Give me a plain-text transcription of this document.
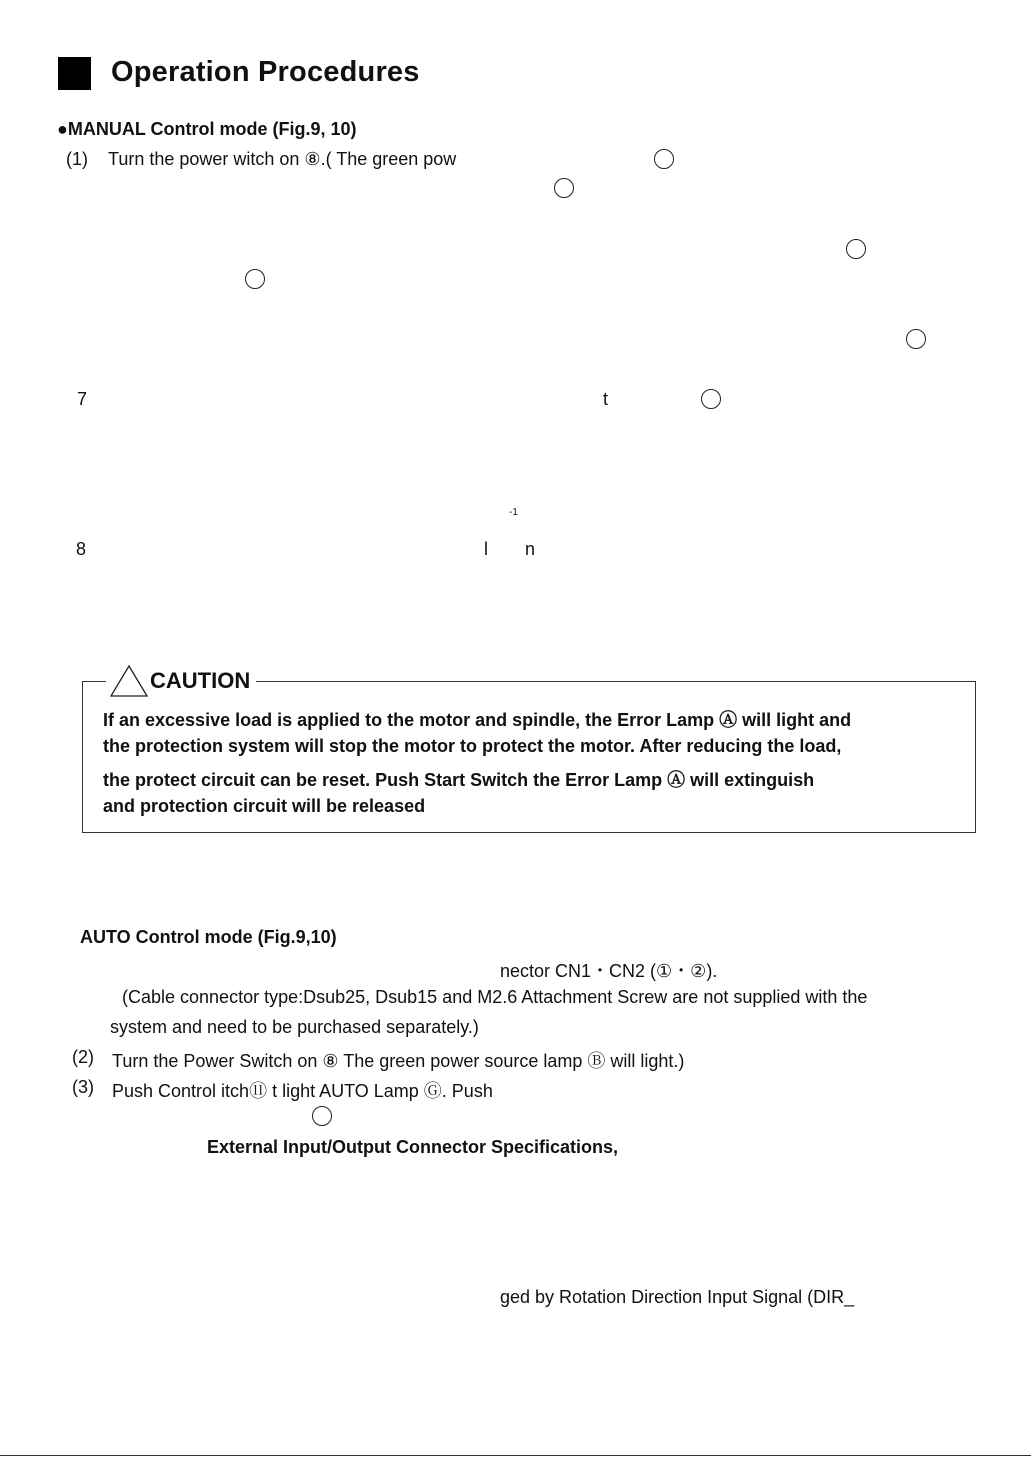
Operation Procedures
●MANUAL Control mode (Fig.9, 10)
(1) Turn the power witch on ⑧.( The green pow
7	t
-1
8	l n
CAUTION
If an excessive load is applied to the motor and spindle, the Error Lamp Ⓐ will light and
the protection system will stop the motor to protect the motor. After reducing the load,
the protect circuit can be reset. Push Start Switch the Error Lamp Ⓐ will extinguish
and protection circuit will be released
AUTO Control mode (Fig.9,10)
nector CN1・CN2 (①・②).
(Cable connector type:Dsub25, Dsub15 and M2.6 Attachment Screw are not supplied with the
system and need to be purchased separately.)
(2) Turn the Power Switch on ⑧ The green power source lamp Ⓑ will light.)
(3) Push Control itch⑪ t light AUTO Lamp Ⓖ. Push
External Input/Output Connector Specifications,
ged by Rotation Direction Input Signal (DIR_
